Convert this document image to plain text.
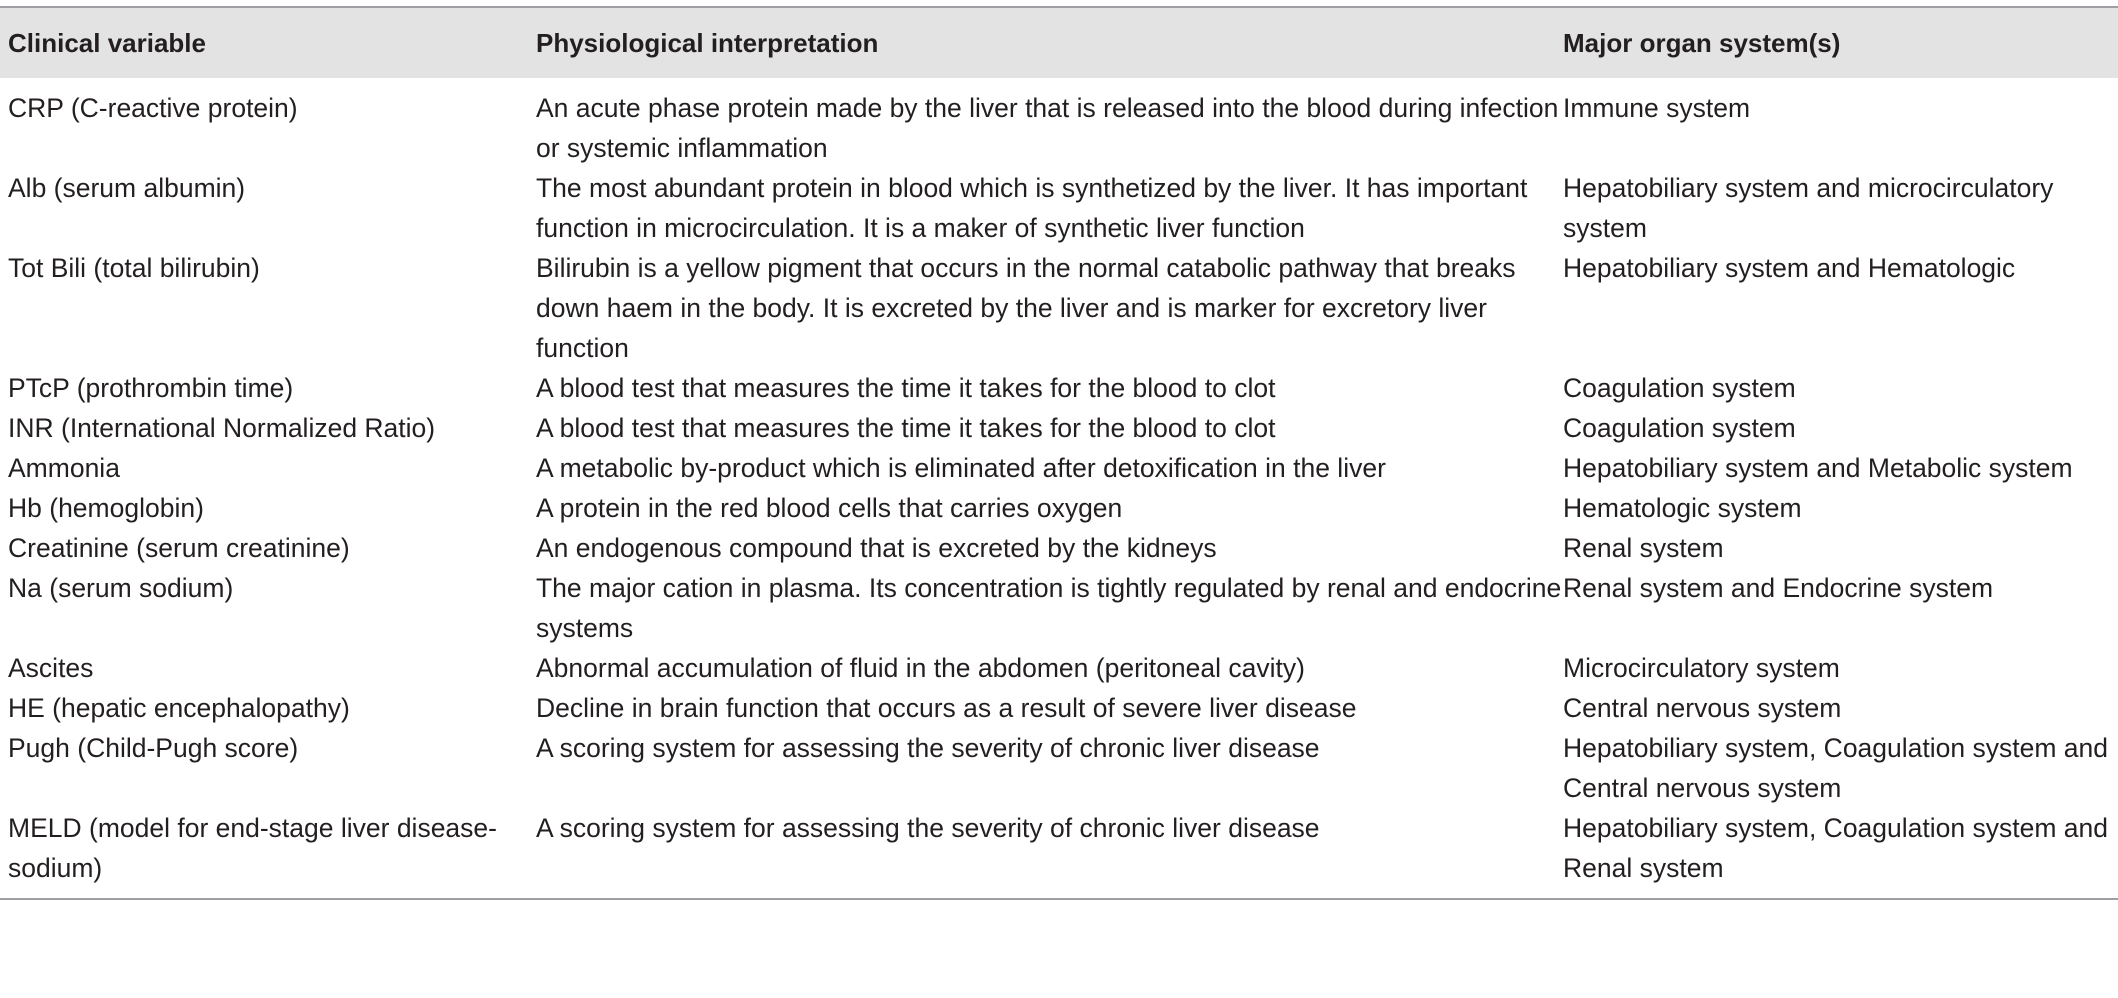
Clinical variable	Physiological interpretation	Major organ system(s)
CRP (C-reactive protein)	An acute phase protein made by the liver that is released into the blood during infection or systemic inflammation	Immune system
Alb (serum albumin)	The most abundant protein in blood which is synthetized by the liver. It has important function in microcirculation. It is a maker of synthetic liver function	Hepatobiliary system and microcirculatory system
Tot Bili (total bilirubin)	Bilirubin is a yellow pigment that occurs in the normal catabolic pathway that breaks down haem in the body. It is excreted by the liver and is marker for excretory liver function	Hepatobiliary system and Hematologic
PTcP (prothrombin time)	A blood test that measures the time it takes for the blood to clot	Coagulation system
INR (International Normalized Ratio)	A blood test that measures the time it takes for the blood to clot	Coagulation system
Ammonia	A metabolic by-product which is eliminated after detoxification in the liver	Hepatobiliary system and Metabolic system
Hb (hemoglobin)	A protein in the red blood cells that carries oxygen	Hematologic system
Creatinine (serum creatinine)	An endogenous compound that is excreted by the kidneys	Renal system
Na (serum sodium)	The major cation in plasma. Its concentration is tightly regulated by renal and endocrine systems	Renal system and Endocrine system
Ascites	Abnormal accumulation of fluid in the abdomen (peritoneal cavity)	Microcirculatory system
HE (hepatic encephalopathy)	Decline in brain function that occurs as a result of severe liver disease	Central nervous system
Pugh (Child-Pugh score)	A scoring system for assessing the severity of chronic liver disease	Hepatobiliary system, Coagulation system and Central nervous system
MELD (model for end-stage liver disease-sodium)	A scoring system for assessing the severity of chronic liver disease	Hepatobiliary system, Coagulation system and Renal system
